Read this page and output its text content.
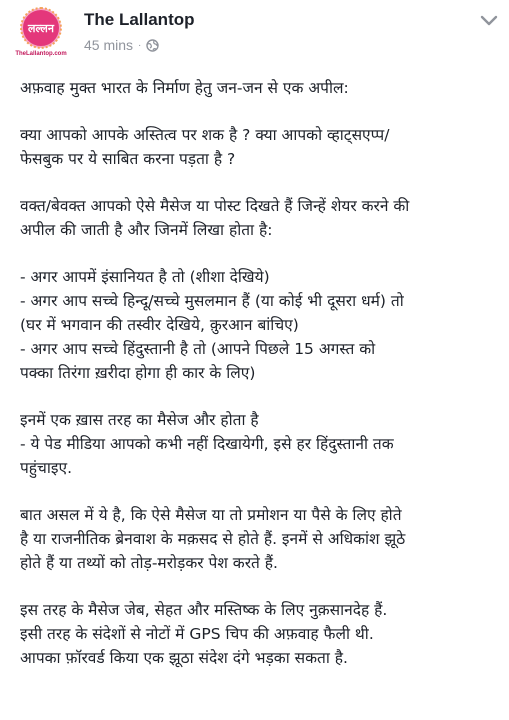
लल्लन
TheLallantop.com
The Lallantop
45 mins ·

अफ़वाह मुक्त भारत के निर्माण हेतु जन-जन से एक अपील:

क्या आपको आपके अस्तित्व पर शक है ? क्या आपको व्हाट्सएप्प/
फेसबुक पर ये साबित करना पड़ता है ?

वक्त/बेवक्त आपको ऐसे मैसेज या पोस्ट दिखते हैं जिन्हें शेयर करने की
अपील की जाती है और जिनमें लिखा होता है:

- अगर आपमें इंसानियत है तो (शीशा देखिये)
- अगर आप सच्चे हिन्दू/सच्चे मुसलमान हैं (या कोई भी दूसरा धर्म) तो
(घर में भगवान की तस्वीर देखिये, क़ुरआन बांचिए)
- अगर आप सच्चे हिंदुस्तानी है तो (आपने पिछले 15 अगस्त को
पक्का तिरंगा ख़रीदा होगा ही कार के लिए)

इनमें एक ख़ास तरह का मैसेज और होता है
- ये पेड मीडिया आपको कभी नहीं दिखायेगी, इसे हर हिंदुस्तानी तक
पहुंचाइए.

बात असल में ये है, कि ऐसे मैसेज या तो प्रमोशन या पैसे के लिए होते
है या राजनीतिक ब्रेनवाश के मक़सद से होते हैं. इनमें से अधिकांश झूठे
होते हैं या तथ्यों को तोड़-मरोड़कर पेश करते हैं.

इस तरह के मैसेज जेब, सेहत और मस्तिष्क के लिए नुक़सानदेह हैं.
इसी तरह के संदेशों से नोटों में GPS चिप की अफ़वाह फैली थी.
आपका फ़ॉरवर्ड किया एक झूठा संदेश दंगे भड़का सकता है.
